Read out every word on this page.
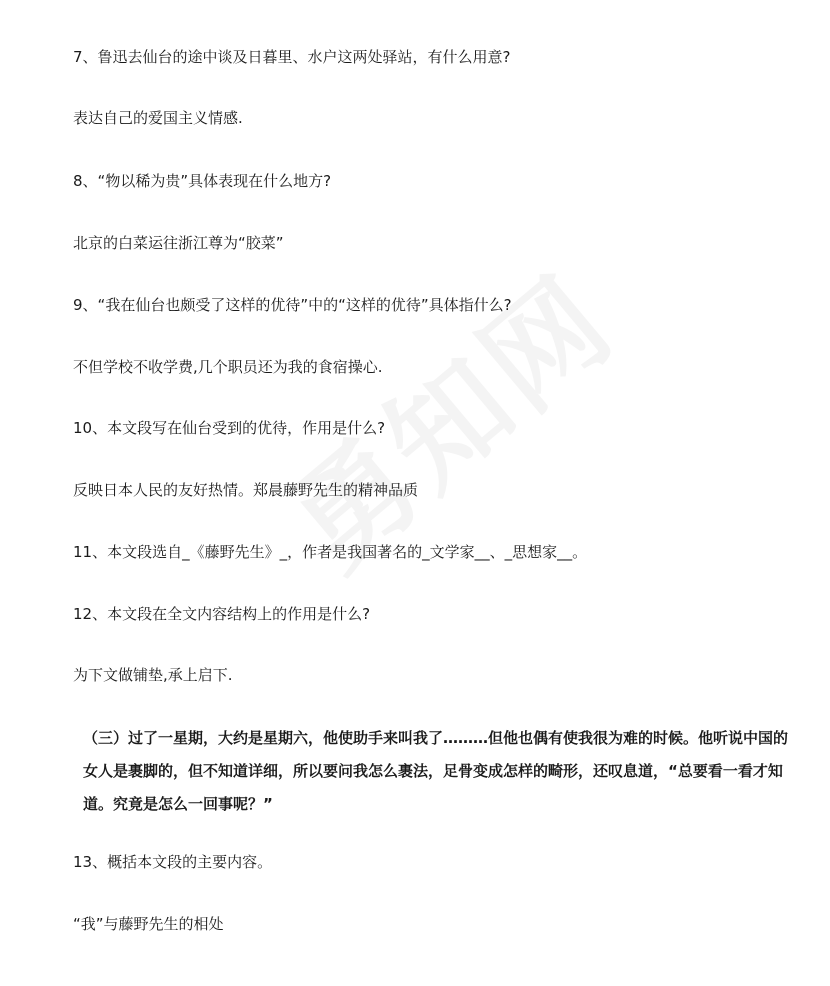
7、鲁迅去仙台的途中谈及日暮里、水户这两处驿站，有什么用意?
表达自己的爱国主义情感.
8、“物以稀为贵”具体表现在什么地方?
北京的白菜运往浙江尊为“胶菜”
9、“我在仙台也颇受了这样的优待”中的“这样的优待”具体指什么?
不但学校不收学费,几个职员还为我的食宿操心.
10、本文段写在仙台受到的优待，作用是什么?
反映日本人民的友好热情。郑晨藤野先生的精神品质
11、本文段选自_《藤野先生》_，作者是我国著名的_文学家__、_思想家__。
12、本文段在全文内容结构上的作用是什么?
为下文做铺垫,承上启下.
（三）过了一星期，大约是星期六，他使助手来叫我了………但他也偶有使我很为难的时候。他听说中国的女人是裹脚的，但不知道详细，所以要问我怎么裹法，足骨变成怎样的畸形，还叹息道，“总要看一看才知道。究竟是怎么一回事呢？”
13、概括本文段的主要内容。
“我”与藤野先生的相处
